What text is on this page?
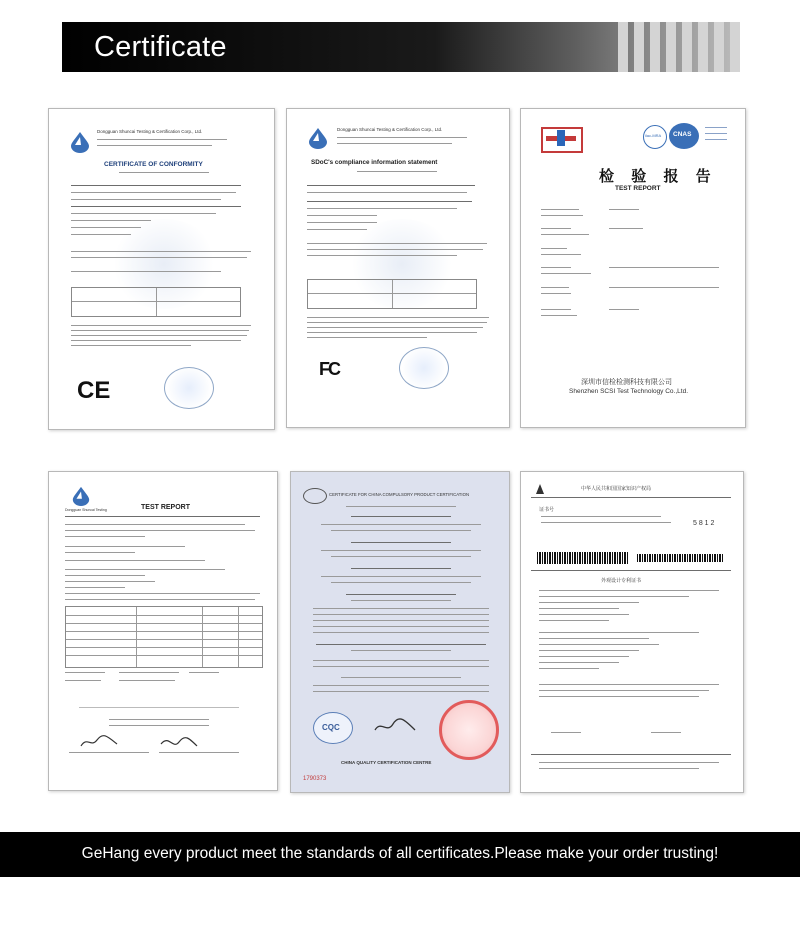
Certificate
Dongguan Shuncai Testing & Certification Corp., Ltd.
CERTIFICATE OF CONFORMITY
CE
Dongguan Shuncai Testing & Certification Corp., Ltd.
SDoC's compliance information statement
FC
ilac-MRA CNAS
检 验 报 告
TEST REPORT
深圳市信检检测科技有限公司
Shenzhen SCSI Test Technology Co.,Ltd.
Dongguan Shuncai Testing	TEST REPORT
CERTIFICATE FOR CHINA COMPULSORY PRODUCT CERTIFICATION
CQC
CHINA QUALITY CERTIFICATION CENTRE
1790373
中华人民共和国国家知识产权局
证书号
5 8 1 2
外观设计专利证书
GeHang every product meet the standards of all certificates.Please make your order trusting!
